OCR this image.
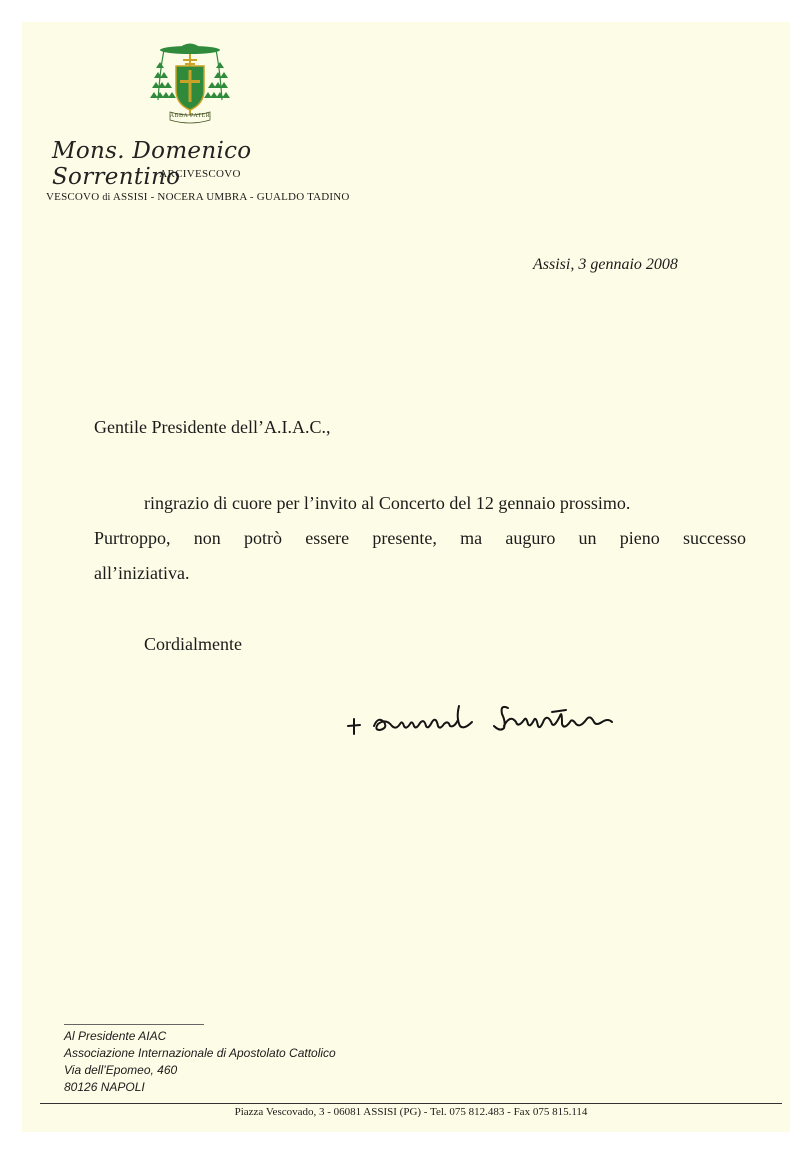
ABBA PATER
Mons. Domenico Sorrentino
ARCIVESCOVO
VESCOVO di ASSISI - NOCERA UMBRA - GUALDO TADINO
Assisi, 3 gennaio 2008
Gentile Presidente dell’A.I.A.C.,
ringrazio di cuore per l’invito al Concerto del 12 gennaio prossimo.
Purtroppo, non potrò essere presente, ma auguro un pieno successo
all’iniziativa.
Cordialmente
Al Presidente AIAC
Associazione Internazionale di Apostolato Cattolico
Via dell’Epomeo, 460
80126 NAPOLI
Piazza Vescovado, 3 - 06081 ASSISI (PG) - Tel. 075 812.483 - Fax 075 815.114
